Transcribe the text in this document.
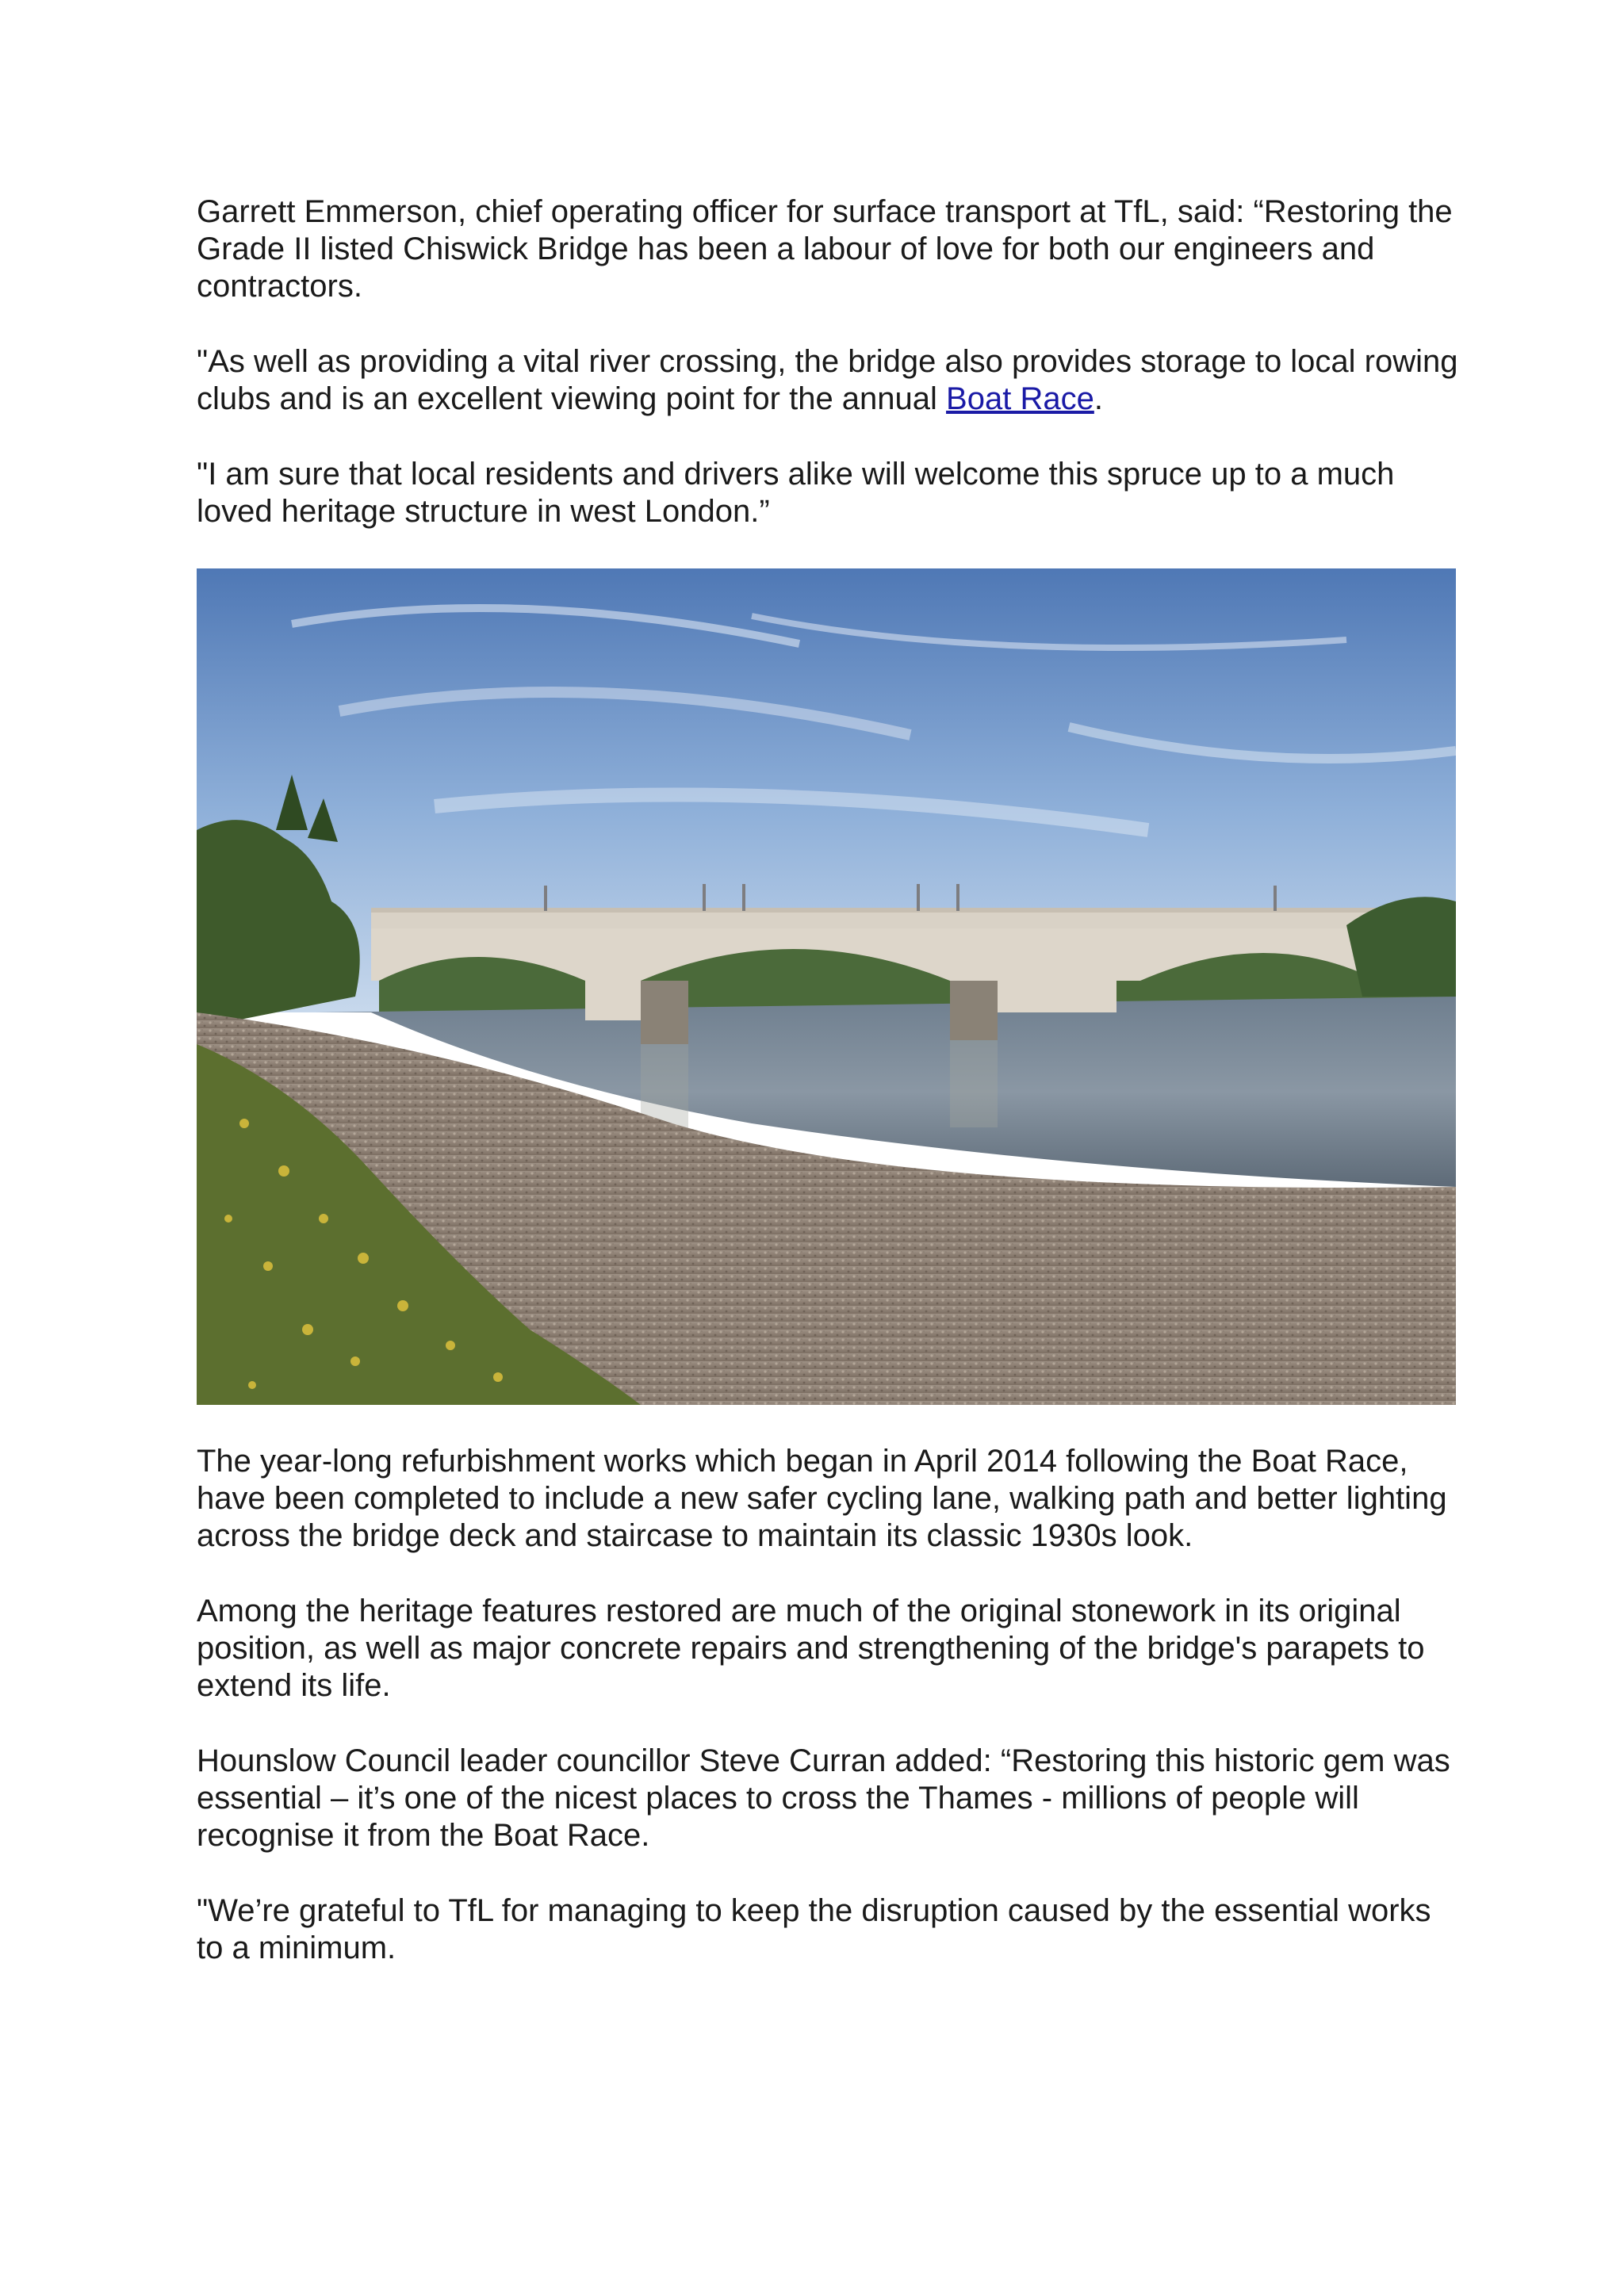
Garrett Emmerson, chief operating officer for surface transport at TfL, said: “Restoring the Grade II listed Chiswick Bridge has been a labour of love for both our engineers and contractors.

"As well as providing a vital river crossing, the bridge also provides storage to local rowing clubs and is an excellent viewing point for the annual Boat Race.

"I am sure that local residents and drivers alike will welcome this spruce up to a much loved heritage structure in west London.”

The year-long refurbishment works which began in April 2014 following the Boat Race, have been completed to include a new safer cycling lane, walking path and better lighting across the bridge deck and staircase to maintain its classic 1930s look.

Among the heritage features restored are much of the original stonework in its original position, as well as major concrete repairs and strengthening of the bridge's parapets to extend its life.

Hounslow Council leader councillor Steve Curran added: “Restoring this historic gem was essential – it’s one of the nicest places to cross the Thames - millions of people will recognise it from the Boat Race.

"We’re grateful to TfL for managing to keep the disruption caused by the essential works to a minimum.
